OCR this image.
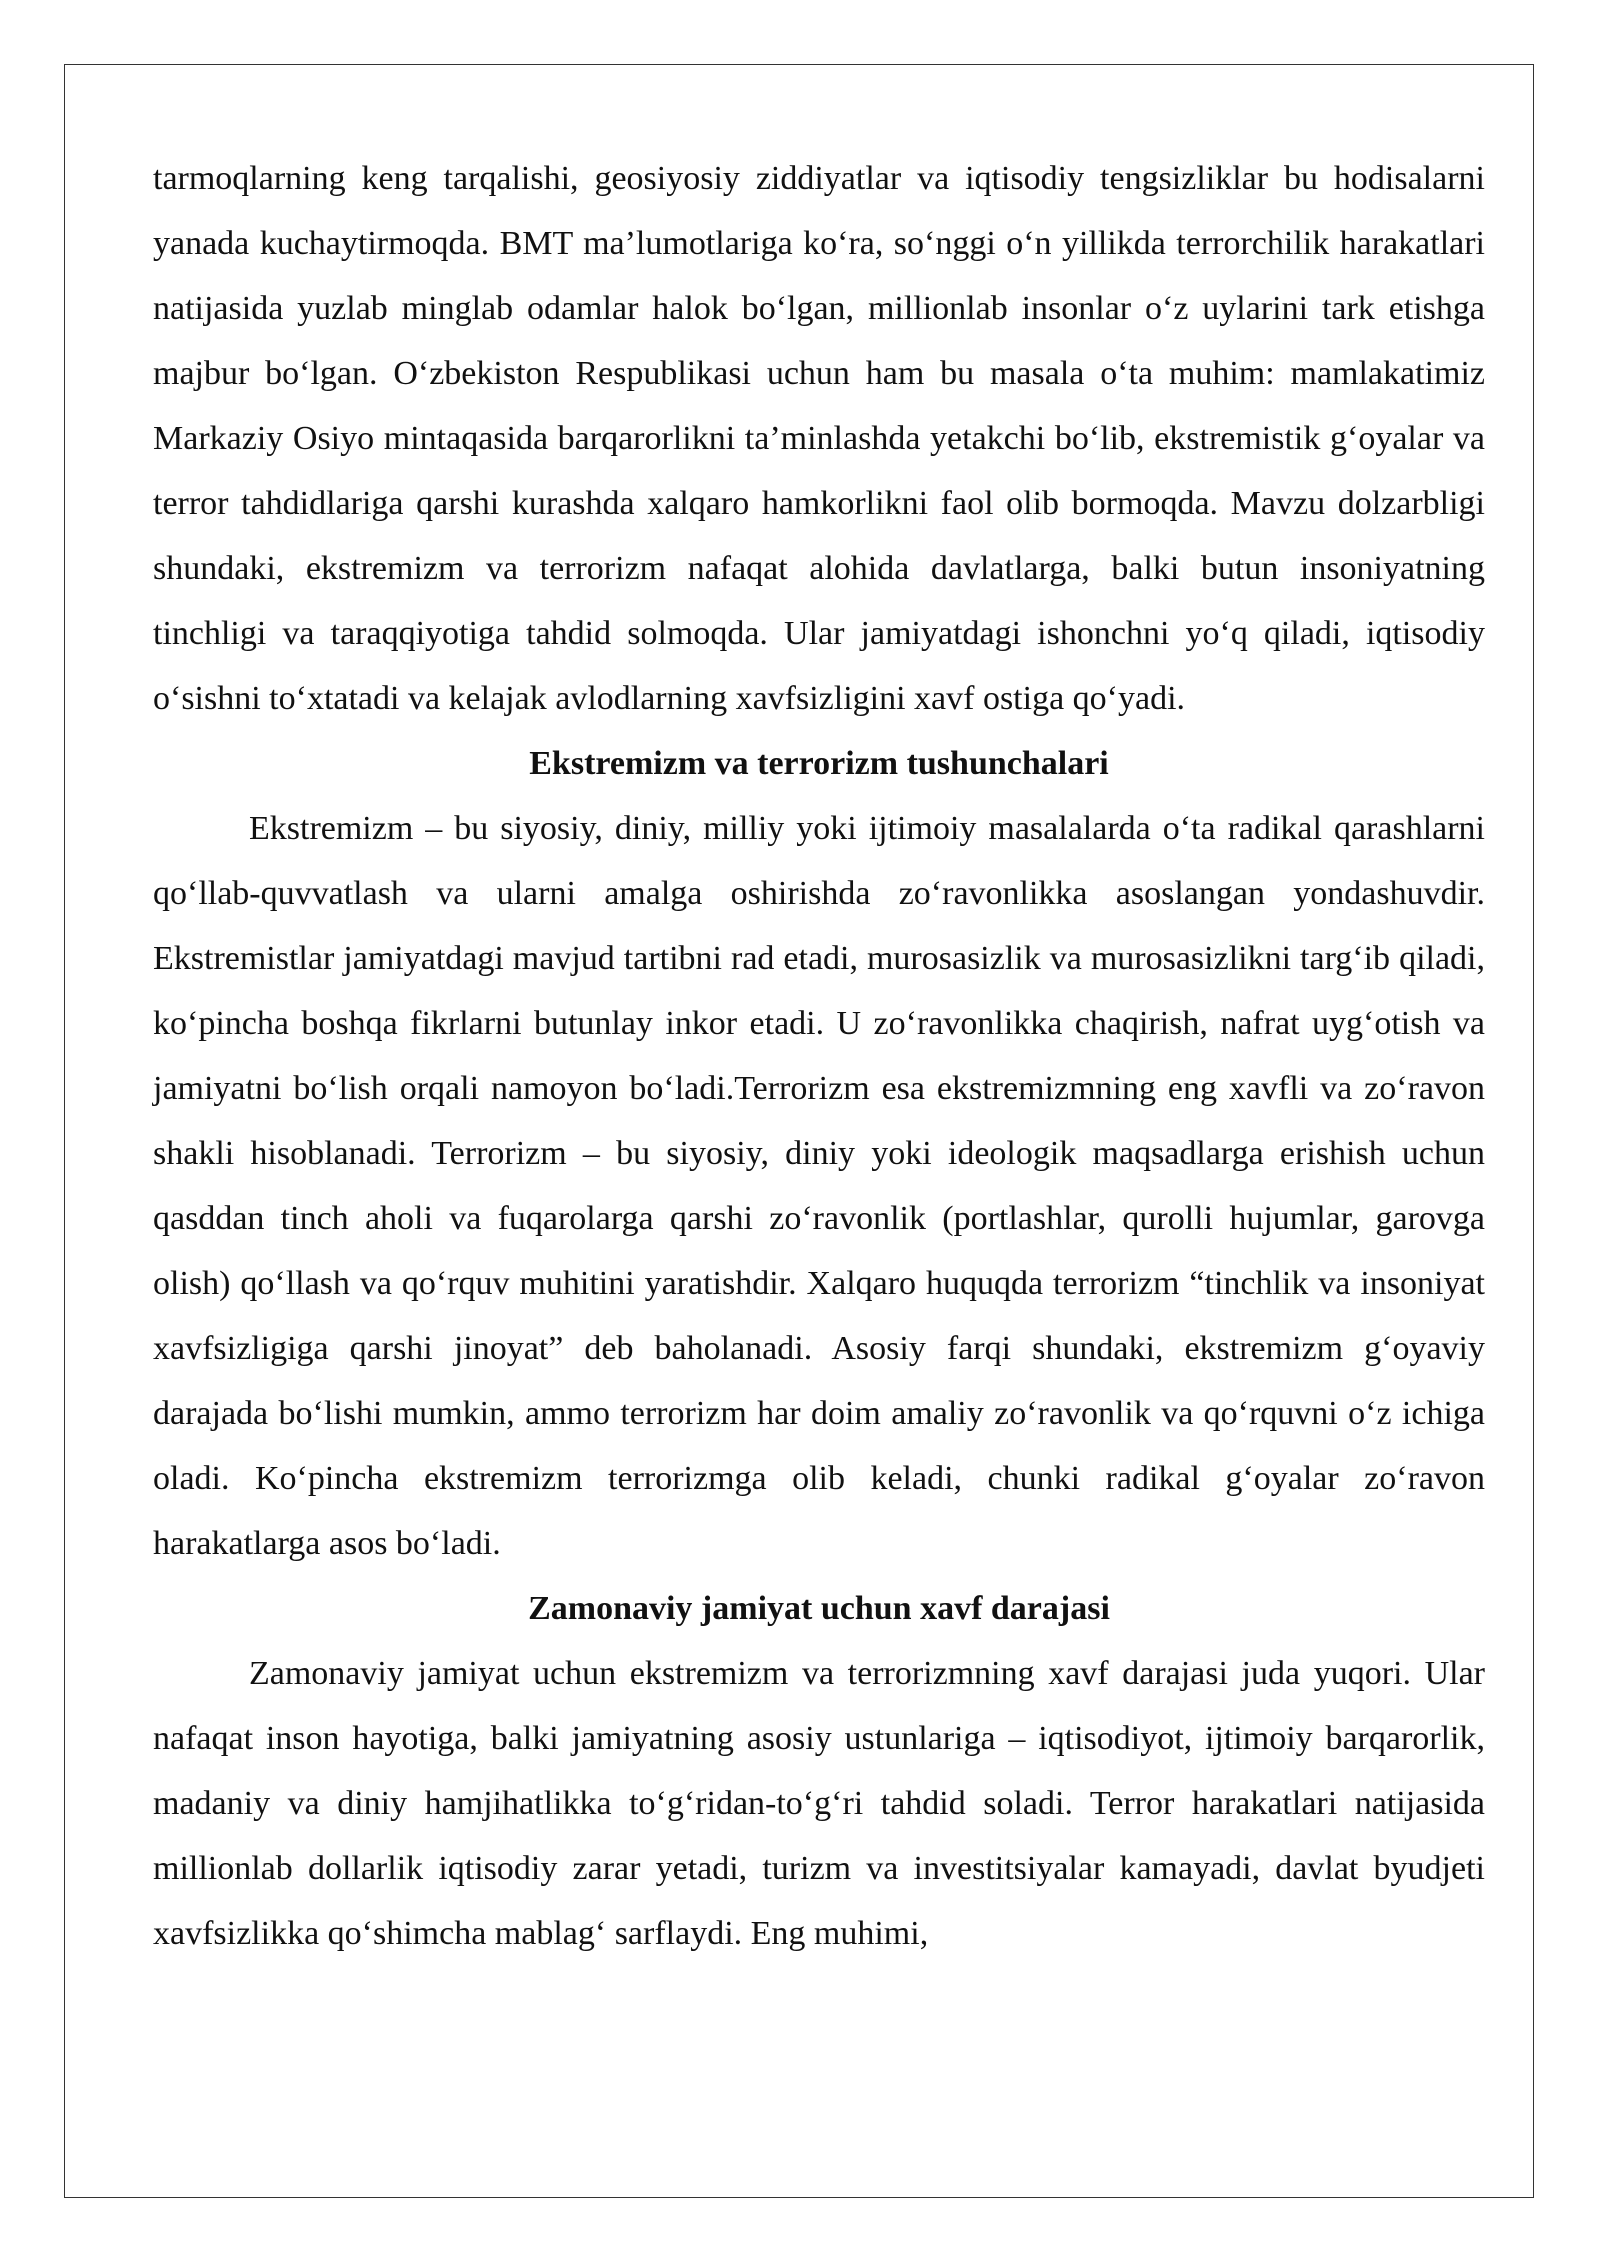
tarmoqlarning keng tarqalishi, geosiyosiy ziddiyatlar va iqtisodiy tengsizliklar bu hodisalarni yanada kuchaytirmoqda. BMT ma’lumotlariga ko‘ra, so‘nggi o‘n yillikda terrorchilik harakatlari natijasida yuzlab minglab odamlar halok bo‘lgan, millionlab insonlar o‘z uylarini tark etishga majbur bo‘lgan. O‘zbekiston Respublikasi uchun ham bu masala o‘ta muhim: mamlakatimiz Markaziy Osiyo mintaqasida barqarorlikni ta’minlashda yetakchi bo‘lib, ekstremistik g‘oyalar va terror tahdidlariga qarshi kurashda xalqaro hamkorlikni faol olib bormoqda. Mavzu dolzarbligi shundaki, ekstremizm va terrorizm nafaqat alohida davlatlarga, balki butun insoniyatning tinchligi va taraqqiyotiga tahdid solmoqda. Ular jamiyatdagi ishonchni yo‘q qiladi, iqtisodiy o‘sishni to‘xtatadi va kelajak avlodlarning xavfsizligini xavf ostiga qo‘yadi.

Ekstremizm va terrorizm tushunchalari

Ekstremizm – bu siyosiy, diniy, milliy yoki ijtimoiy masalalarda o‘ta radikal qarashlarni qo‘llab-quvvatlash va ularni amalga oshirishda zo‘ravonlikka asoslangan yondashuvdir. Ekstremistlar jamiyatdagi mavjud tartibni rad etadi, murosasizlik va murosasizlikni targ‘ib qiladi, ko‘pincha boshqa fikrlarni butunlay inkor etadi. U zo‘ravonlikka chaqirish, nafrat uyg‘otish va jamiyatni bo‘lish orqali namoyon bo‘ladi.Terrorizm esa ekstremizmning eng xavfli va zo‘ravon shakli hisoblanadi. Terrorizm – bu siyosiy, diniy yoki ideologik maqsadlarga erishish uchun qasddan tinch aholi va fuqarolarga qarshi zo‘ravonlik (portlashlar, qurolli hujumlar, garovga olish) qo‘llash va qo‘rquv muhitini yaratishdir. Xalqaro huquqda terrorizm “tinchlik va insoniyat xavfsizligiga qarshi jinoyat” deb baholanadi. Asosiy farqi shundaki, ekstremizm g‘oyaviy darajada bo‘lishi mumkin, ammo terrorizm har doim amaliy zo‘ravonlik va qo‘rquvni o‘z ichiga oladi. Ko‘pincha ekstremizm terrorizmga olib keladi, chunki radikal g‘oyalar zo‘ravon harakatlarga asos bo‘ladi.

Zamonaviy jamiyat uchun xavf darajasi

Zamonaviy jamiyat uchun ekstremizm va terrorizmning xavf darajasi juda yuqori. Ular nafaqat inson hayotiga, balki jamiyatning asosiy ustunlariga – iqtisodiyot, ijtimoiy barqarorlik, madaniy va diniy hamjihatlikka to‘g‘ridan-to‘g‘ri tahdid soladi. Terror harakatlari natijasida millionlab dollarlik iqtisodiy zarar yetadi, turizm va investitsiyalar kamayadi, davlat byudjeti xavfsizlikka qo‘shimcha mablag‘ sarflaydi. Eng muhimi,
